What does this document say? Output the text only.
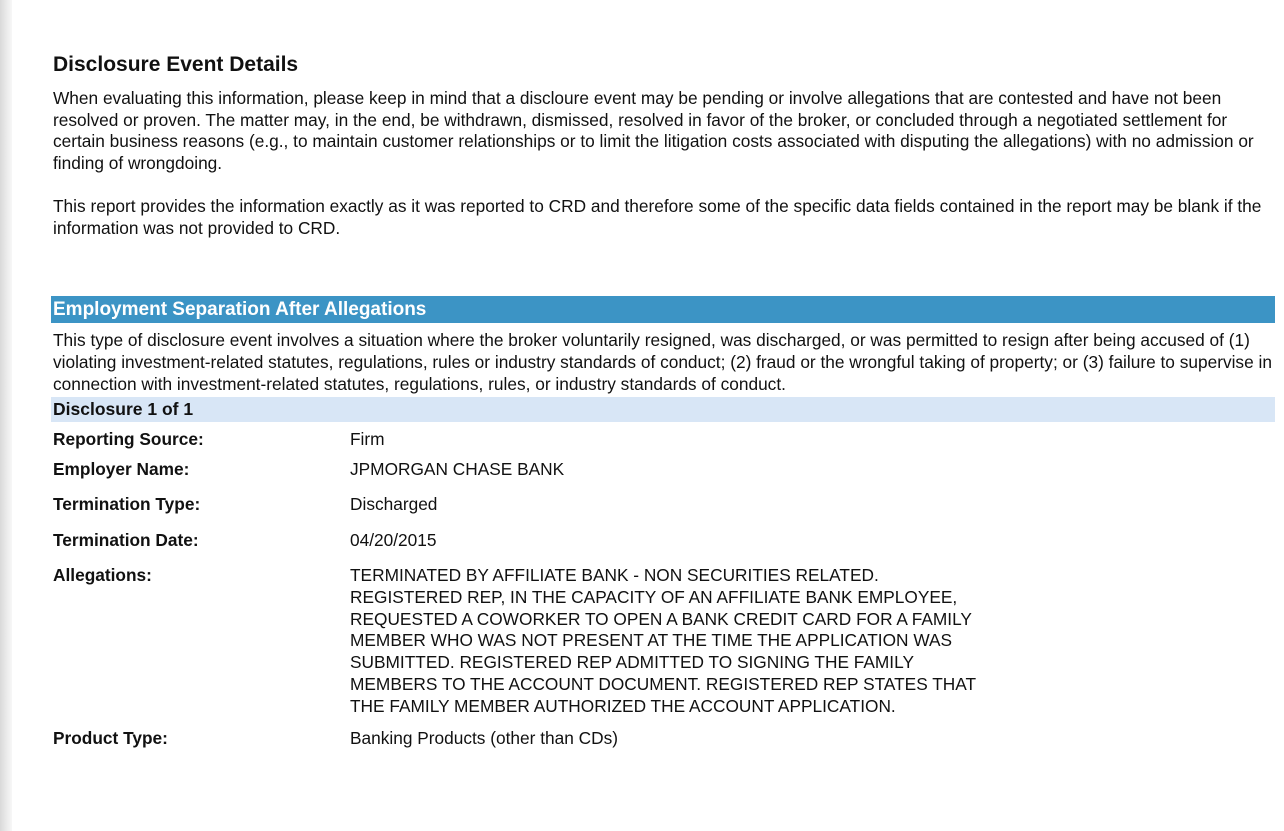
Disclosure Event Details

When evaluating this information, please keep in mind that a discloure event may be pending or involve allegations that are contested and have not been resolved or proven. The matter may, in the end, be withdrawn, dismissed, resolved in favor of the broker, or concluded through a negotiated settlement for certain business reasons (e.g., to maintain customer relationships or to limit the litigation costs associated with disputing the allegations) with no admission or finding of wrongdoing.

This report provides the information exactly as it was reported to CRD and therefore some of the specific data fields contained in the report may be blank if the information was not provided to CRD.

Employment Separation After Allegations

This type of disclosure event involves a situation where the broker voluntarily resigned, was discharged, or was permitted to resign after being accused of (1) violating investment-related statutes, regulations, rules or industry standards of conduct; (2) fraud or the wrongful taking of property; or (3) failure to supervise in connection with investment-related statutes, regulations, rules, or industry standards of conduct.

Disclosure 1 of 1
Reporting Source:	Firm
Employer Name:	JPMORGAN CHASE BANK
Termination Type:	Discharged
Termination Date:	04/20/2015
Allegations:	TERMINATED BY AFFILIATE BANK - NON SECURITIES RELATED.
REGISTERED REP, IN THE CAPACITY OF AN AFFILIATE BANK EMPLOYEE,
REQUESTED A COWORKER TO OPEN A BANK CREDIT CARD FOR A FAMILY
MEMBER WHO WAS NOT PRESENT AT THE TIME THE APPLICATION WAS
SUBMITTED. REGISTERED REP ADMITTED TO SIGNING THE FAMILY
MEMBERS TO THE ACCOUNT DOCUMENT. REGISTERED REP STATES THAT
THE FAMILY MEMBER AUTHORIZED THE ACCOUNT APPLICATION.
Product Type:	Banking Products (other than CDs)
